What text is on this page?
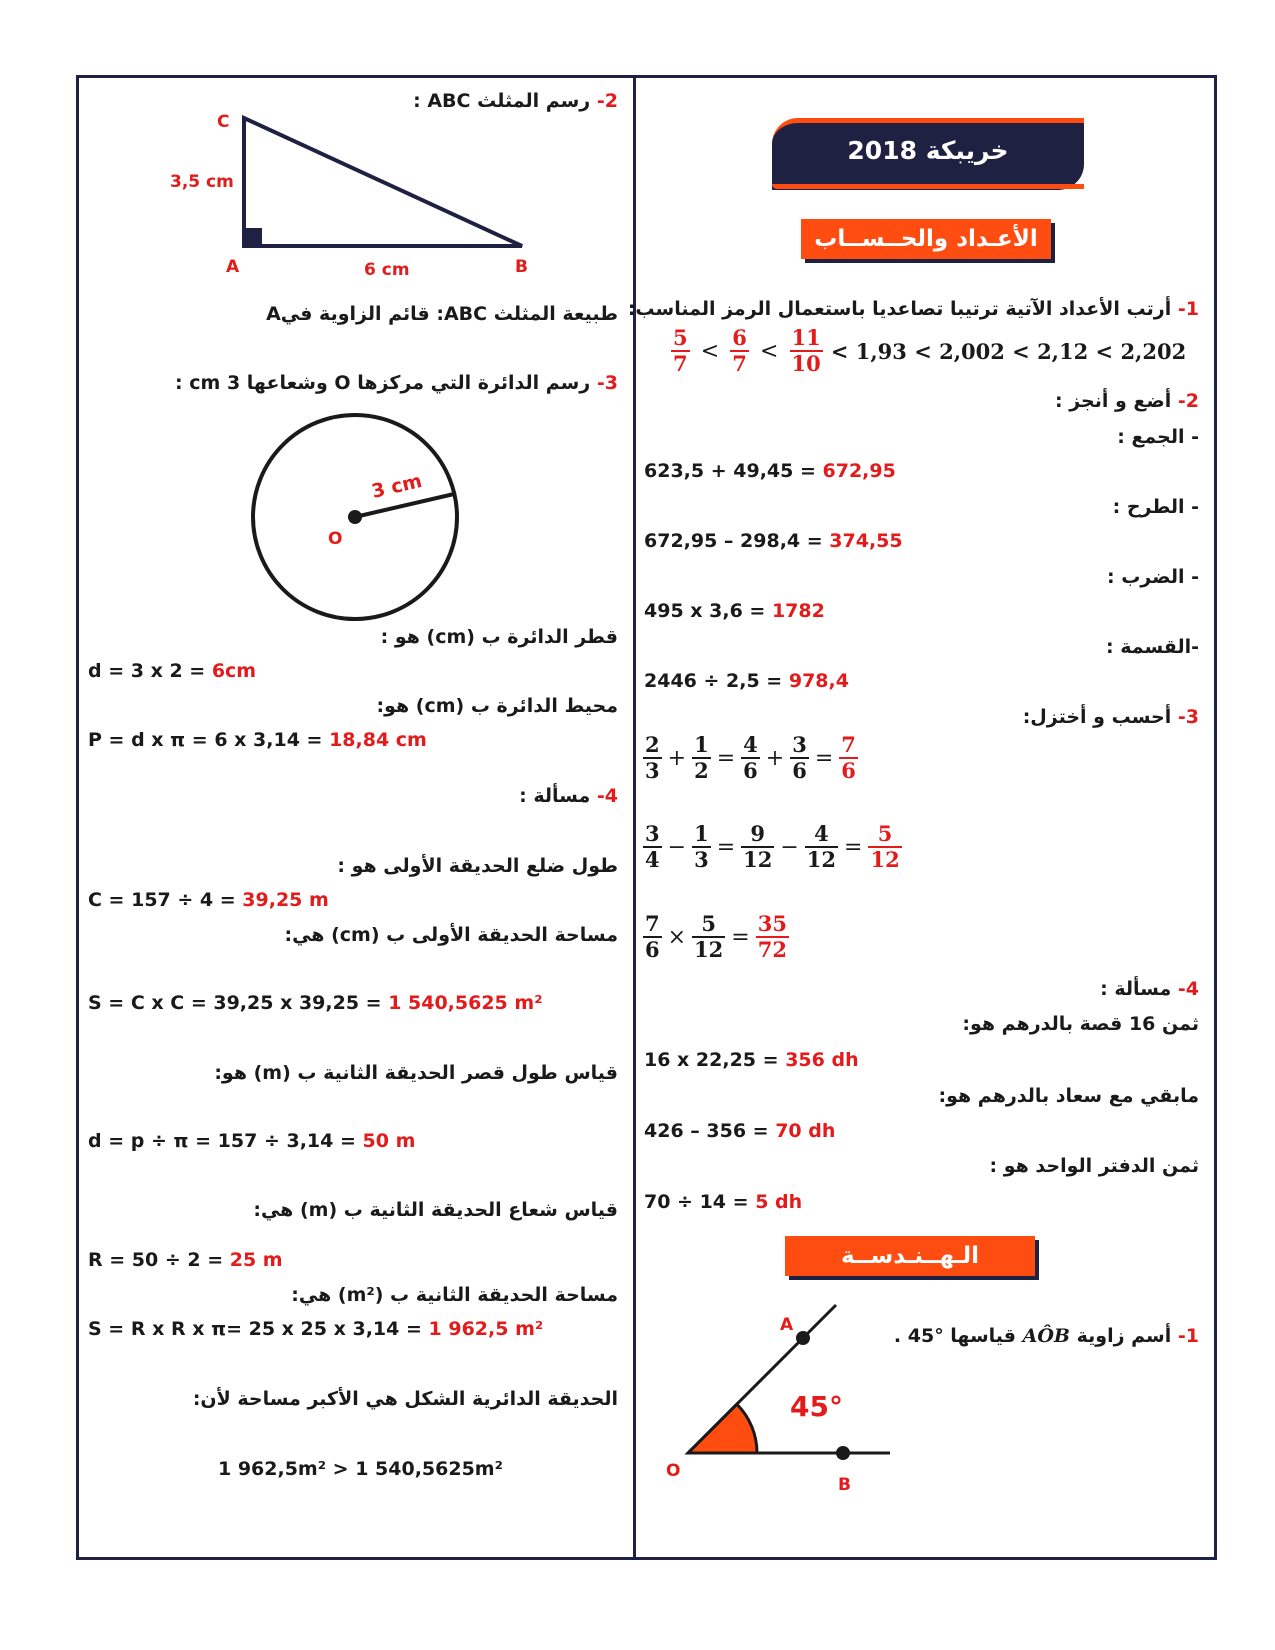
خريبكة 2018
الأعـداد والحــســاب
1- أرتب الأعداد الآتية ترتيبا تصاعديا باستعمال الرمز المناسب:
$\frac{5}{7} < \frac{6}{7} < \frac{11}{10} < 1,93 < 2,002 < 2,12 < 2,202$
2- أضع و أنجز :
- الجمع :
623,5 + 49,45 = 672,95
- الطرح :
672,95 – 298,4 = 374,55
- الضرب :
495 x 3,6 = 1782
-القسمة :
2446 ÷ 2,5 = 978,4
3- أحسب و أختزل:
$\frac{2}{3} + \frac{1}{2} = \frac{4}{6} + \frac{3}{6} = \frac{7}{6}$
$\frac{3}{4} - \frac{1}{3} = \frac{9}{12} - \frac{4}{12} = \frac{5}{12}$
$\frac{7}{6} \times \frac{5}{12} = \frac{35}{72}$
4- مسألة :
ثمن 16 قصة بالدرهم هو:
16 x 22,25 = 356 dh
مابقي مع سعاد بالدرهم هو:
426 – 356 = 70 dh
ثمن الدفتر الواحد هو :
70 ÷ 14 = 5 dh
الـهــنـدســة
1- أسم زاوية AÔB قياسها °45 .
A
B
O
45°
2- رسم المثلث ABC :
C
A	B
3,5 cm
6 cm
طبيعة المثلث ABC: قائم الزاوية فيA
3- رسم الدائرة التي مركزها O وشعاعها 3 cm :
O
3 cm
قطر الدائرة ب (cm) هو :
d = 3 x 2 = 6cm
محيط الدائرة ب (cm) هو:
P = d x π = 6 x 3,14 = 18,84 cm
4- مسألة :
طول ضلع الحديقة الأولى هو :
C = 157 ÷ 4 = 39,25 m
مساحة الحديقة الأولى ب (cm) هي:
S = C x C = 39,25 x 39,25 = 1 540,5625 m²
قياس طول قصر الحديقة الثانية ب (m) هو:
d = p ÷ π = 157 ÷ 3,14 = 50 m
قياس شعاع الحديقة الثانية ب (m) هي:
R = 50 ÷ 2 = 25 m
مساحة الحديقة الثانية ب (m²) هي:
S = R x R x π= 25 x 25 x 3,14 = 1 962,5 m²
الحديقة الدائرية الشكل هي الأكبر مساحة لأن:
1 962,5m² > 1 540,5625m²
